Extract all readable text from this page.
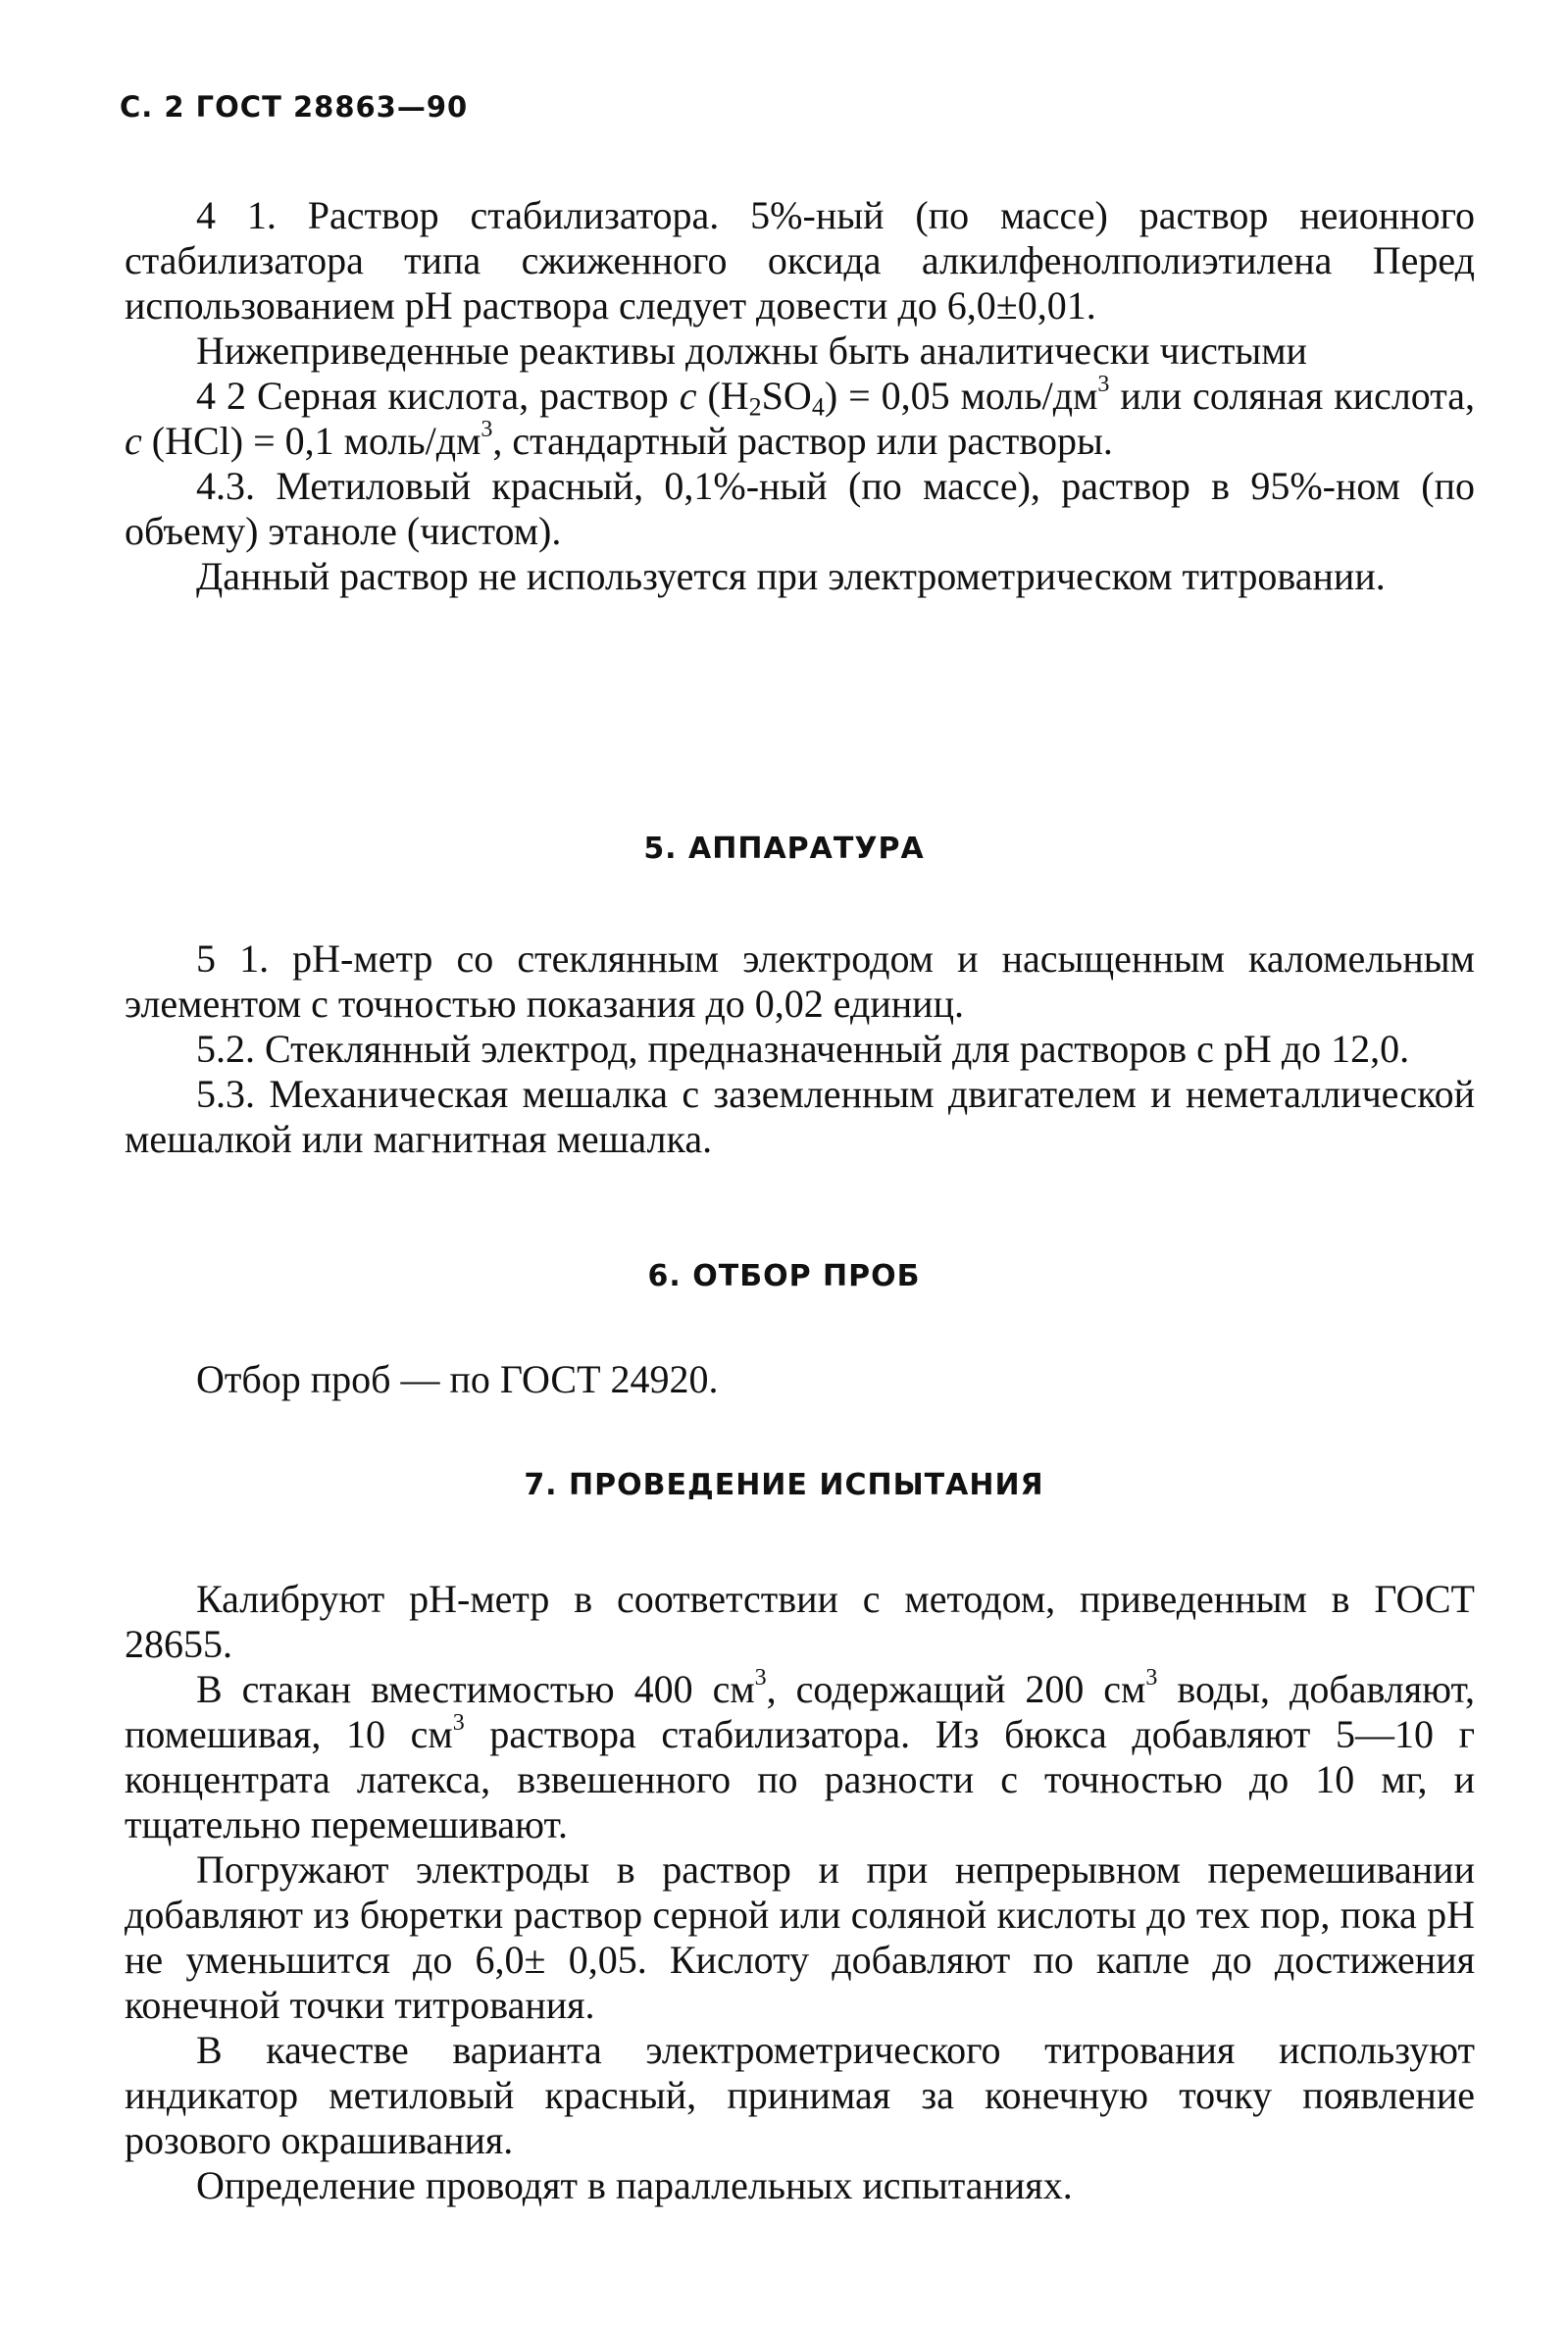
С. 2 ГОСТ 28863—90

4 1. Раствор стабилизатора. 5%-ный (по массе) раствор неионного стабилизатора типа сжиженного оксида алкилфенолполиэтилена Перед использованием pH раствора следует довести до 6,0±0,01.

Нижеприведенные реактивы должны быть аналитически чистыми

4 2 Серная кислота, раствор c $(H_2SO_4) = 0,05$ моль/$дм^3$ или соляная кислота, c (HCl) = 0,1 моль/$дм^3$, стандартный раствор или растворы.

4.3. Метиловый красный, 0,1%-ный (по массе), раствор в 95%-ном (по объему) этаноле (чистом).

Данный раствор не используется при электрометрическом титровании.

5. АППАРАТУРА

5 1. pH-метр со стеклянным электродом и насыщенным каломельным элементом с точностью показания до 0,02 единиц.

5.2. Стеклянный электрод, предназначенный для растворов с pH до 12,0.

5.3. Механическая мешалка с заземленным двигателем и неметаллической мешалкой или магнитная мешалка.

6. ОТБОР ПРОБ

Отбор проб — по ГОСТ 24920.

7. ПРОВЕДЕНИЕ ИСПЫТАНИЯ

Калибруют pH-метр в соответствии с методом, приведенным в ГОСТ 28655.

В стакан вместимостью 400 $см^3$, содержащий 200 $см^3$ воды, добавляют, помешивая, 10 $см^3$ раствора стабилизатора. Из бюкса добавляют 5—10 г концентрата латекса, взвешенного по разности с точностью до 10 мг, и тщательно перемешивают.

Погружают электроды в раствор и при непрерывном перемешивании добавляют из бюретки раствор серной или соляной кислоты до тех пор, пока pH не уменьшится до 6,0± 0,05. Кислоту добавляют по капле до достижения конечной точки титрования.

В качестве варианта электрометрического титрования используют индикатор метиловый красный, принимая за конечную точку появление розового окрашивания.

Определение проводят в параллельных испытаниях.
